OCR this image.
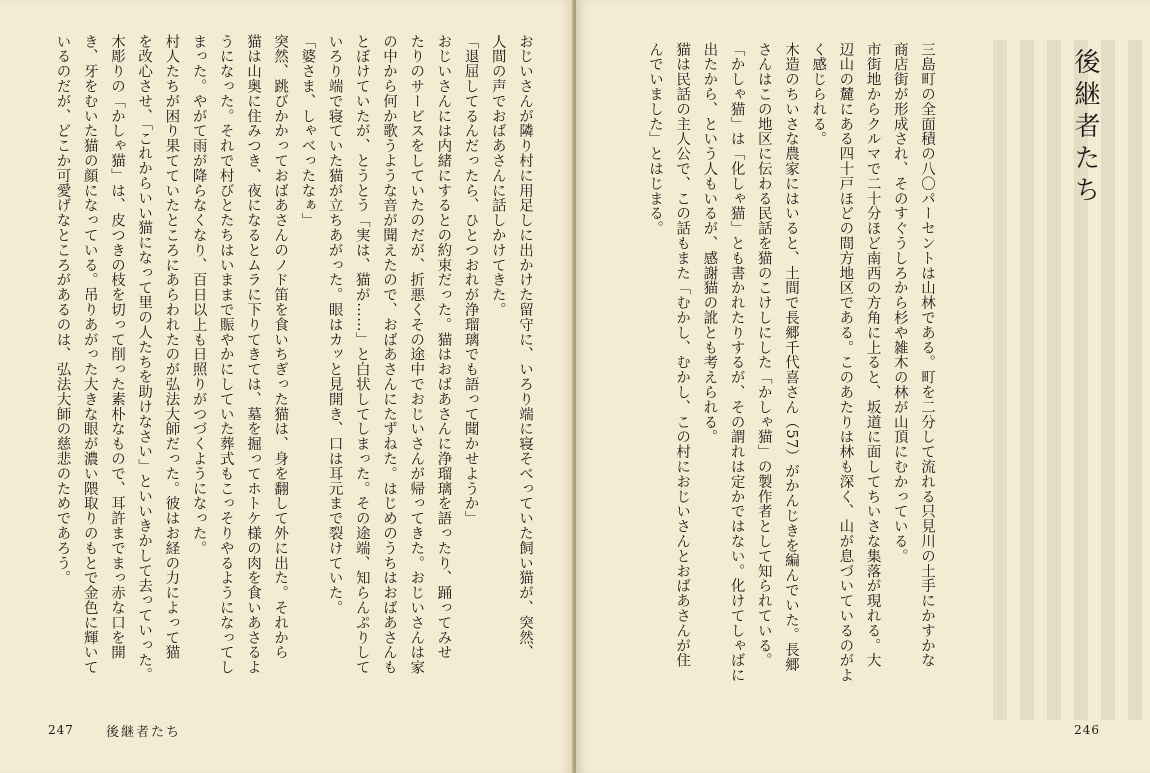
おじいさんが隣り村に用足しに出かけた留守に、いろり端に寝そべっていた飼い猫が、突然、
人間の声でおばあさんに話しかけてきた。
「退屈してるんだったら、ひとつおれが浄瑠璃でも語って聞かせようか」
おじいさんには内緒にするとの約束だった。猫はおばあさんに浄瑠璃を語ったり、踊ってみせ
たりのサービスをしていたのだが、折悪くその途中でおじいさんが帰ってきた。おじいさんは家
の中から何か歌うような音が聞えたので、おばあさんにたずねた。はじめのうちはおばあさんも
とぼけていたが、とうとう「実は、猫が……」と白状してしまった。その途端、知らんぷりして
いろり端で寝ていた猫が立ちあがった。眼はカッと見開き、口は耳元まで裂けていた。
「婆さま、しゃべったなぁ」
突然、跳びかかっておばあさんのノド笛を食いちぎった猫は、身を翻して外に出た。それから
猫は山奥に住みつき、夜になるとムラに下りてきては、墓を掘ってホトケ様の肉を食いあさるよ
うになった。それで村びとたちはいままで賑やかにしていた葬式もこっそりやるようになってし
まった。やがて雨が降らなくなり、百日以上も日照りがつづくようになった。
村人たちが困り果てていたところにあらわれたのが弘法大師だった。彼はお経の力によって猫
を改心させ、「これからいい猫になって里の人たちを助けなさい」といいきかして去っていった。
木彫りの「かしゃ猫」は、皮つきの枝を切って削った素朴なもので、耳許までまっ赤な口を開
き、牙をむいた猫の顔になっている。吊りあがった大きな眼が濃い隈取りのもとで金色に輝いて
いるのだが、どこか可愛げなところがあるのは、弘法大師の慈悲のためであろう。
247 後継者たち
後継者たち
三島町の全面積の八〇パーセントは山林である。町を二分して流れる只見川の土手にかすかな
商店街が形成され、そのすぐうしろから杉や雑木の林が山頂にむかっている。
市街地からクルマで二十分ほど南西の方角に上ると、坂道に面してちいさな集落が現れる。大
辺山の麓にある四十戸ほどの間方地区である。このあたりは林も深く、山が息づいているのがよ
く感じられる。
木造のちいさな農家にはいると、土間で長郷千代喜さん（57）がかんじきを編んでいた。長郷
さんはこの地区に伝わる民話を猫のこけしにした「かしゃ猫」の製作者として知られている。
「かしゃ猫」は「化しゃ猫」とも書かれたりするが、その謂れは定かではない。化けてしゃばに
出たから、という人もいるが、感謝猫の訛とも考えられる。
猫は民話の主人公で、この話もまた「むかし、むかし、この村におじいさんとおばあさんが住
んでいました」とはじまる。
246
